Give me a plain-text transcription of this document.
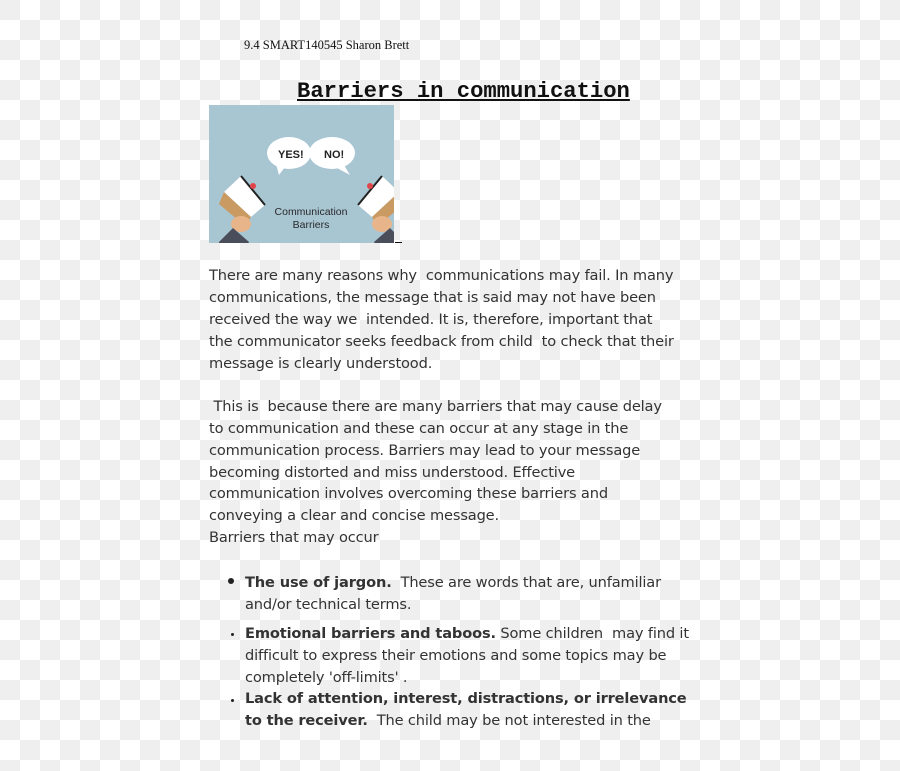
9.4 SMART140545 Sharon Brett
Barriers in communication

YES! NO!
Communication
Barriers

There are many reasons why  communications may fail. In many
communications, the message that is said may not have been
received the way we  intended. It is, therefore, important that
the communicator seeks feedback from child  to check that their
message is clearly understood.
This is  because there are many barriers that may cause delay
to communication and these can occur at any stage in the
communication process. Barriers may lead to your message
becoming distorted and miss understood. Effective
communication involves overcoming these barriers and
conveying a clear and concise message.
Barriers that may occur
The use of jargon.  These are words that are, unfamiliar
and/or technical terms.
Emotional barriers and taboos. Some children  may find it
difficult to express their emotions and some topics may be
completely 'off-limits' .
Lack of attention, interest, distractions, or irrelevance
to the receiver.  The child may be not interested in the
